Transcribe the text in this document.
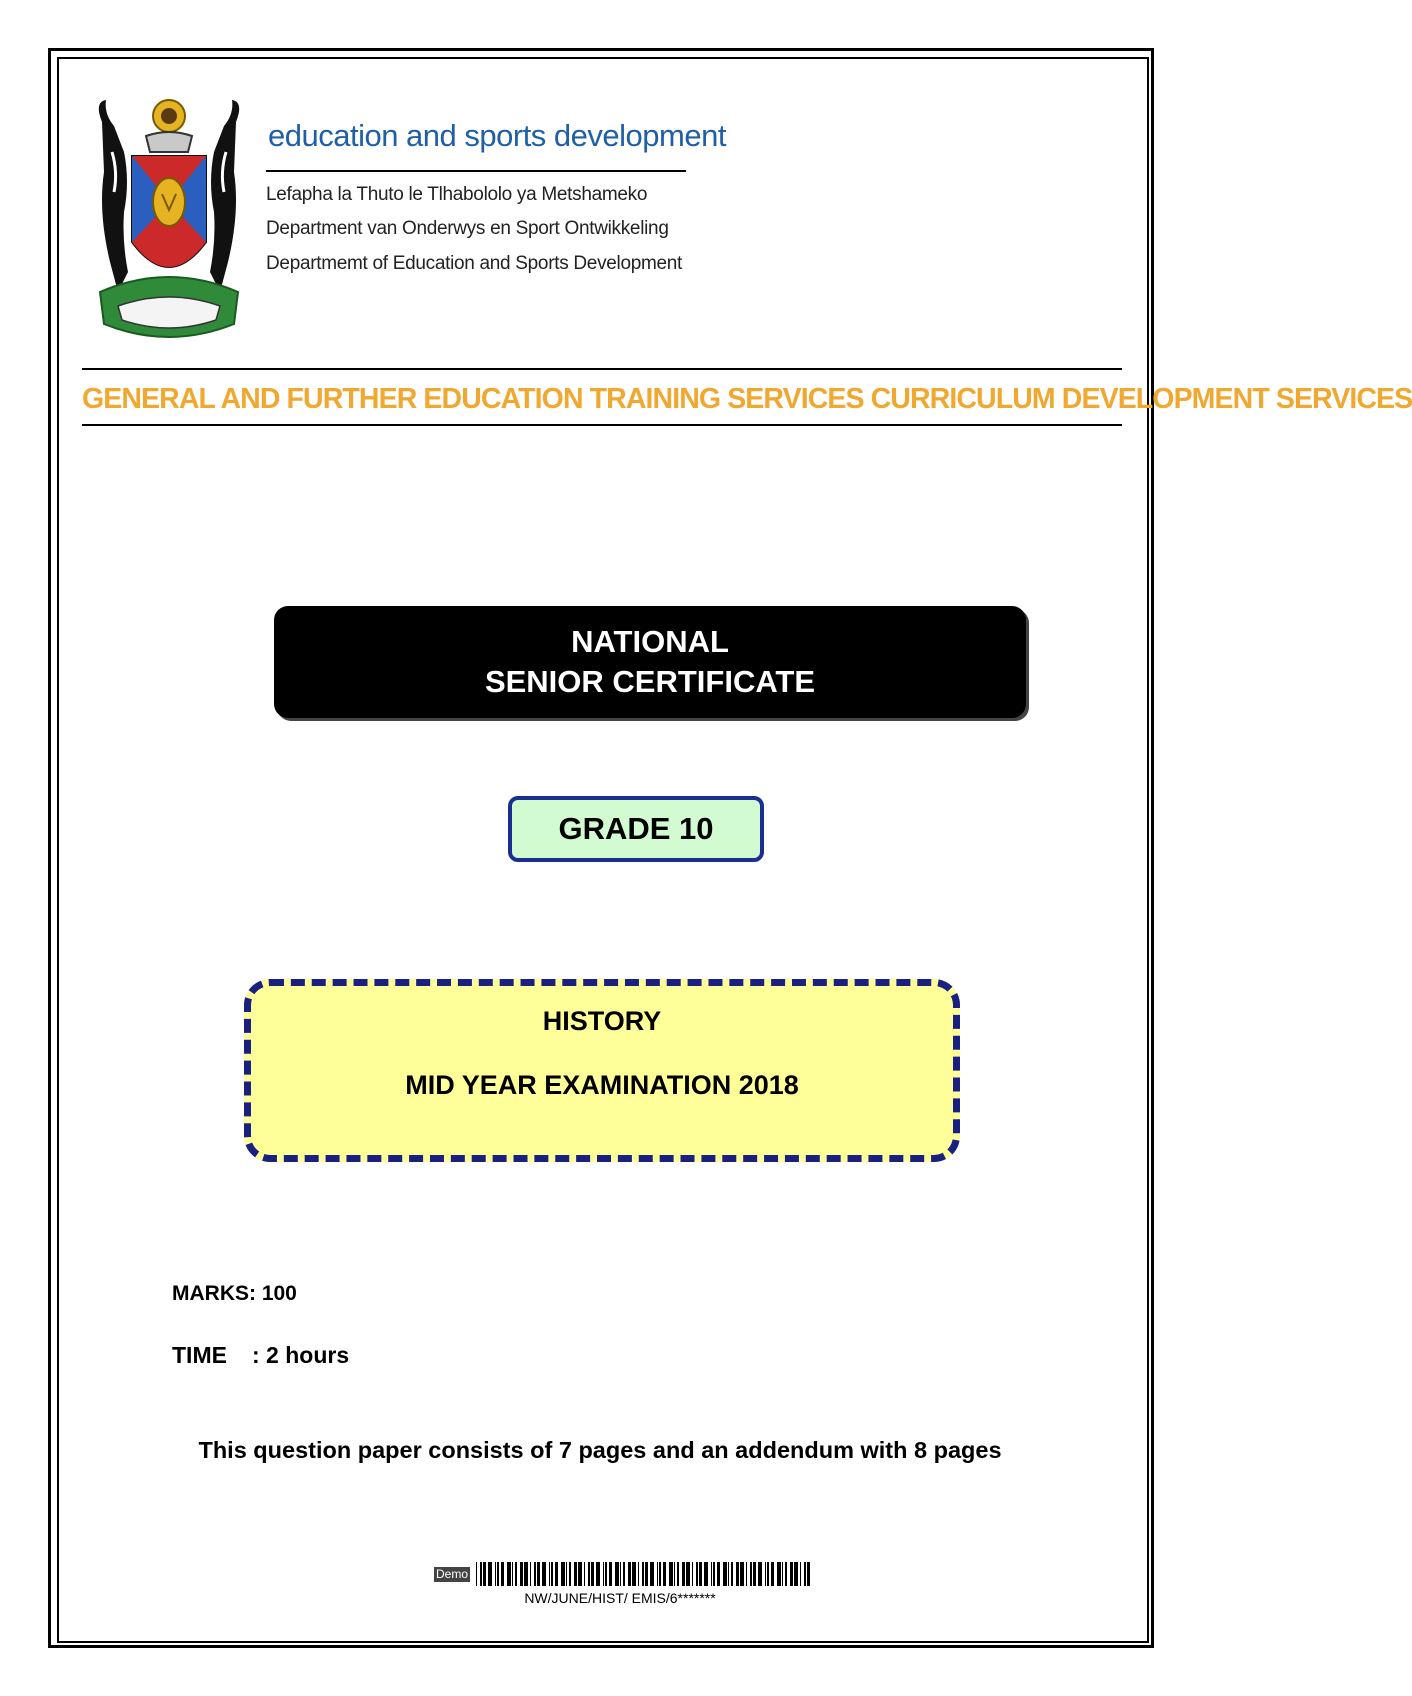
education and sports development
Lefapha la Thuto le Tlhabololo ya Metshameko
Department van Onderwys en Sport Ontwikkeling
Departmemt of Education and Sports Development
GENERAL AND FURTHER EDUCATION TRAINING SERVICES CURRICULUM DEVELOPMENT SERVICES
NATIONAL
SENIOR CERTIFICATE
GRADE 10
HISTORY
MID YEAR EXAMINATION 2018
MARKS: 100
TIME : 2 hours
This question paper consists of 7 pages and an addendum with 8 pages
Demo
NW/JUNE/HIST/ EMIS/6*******
